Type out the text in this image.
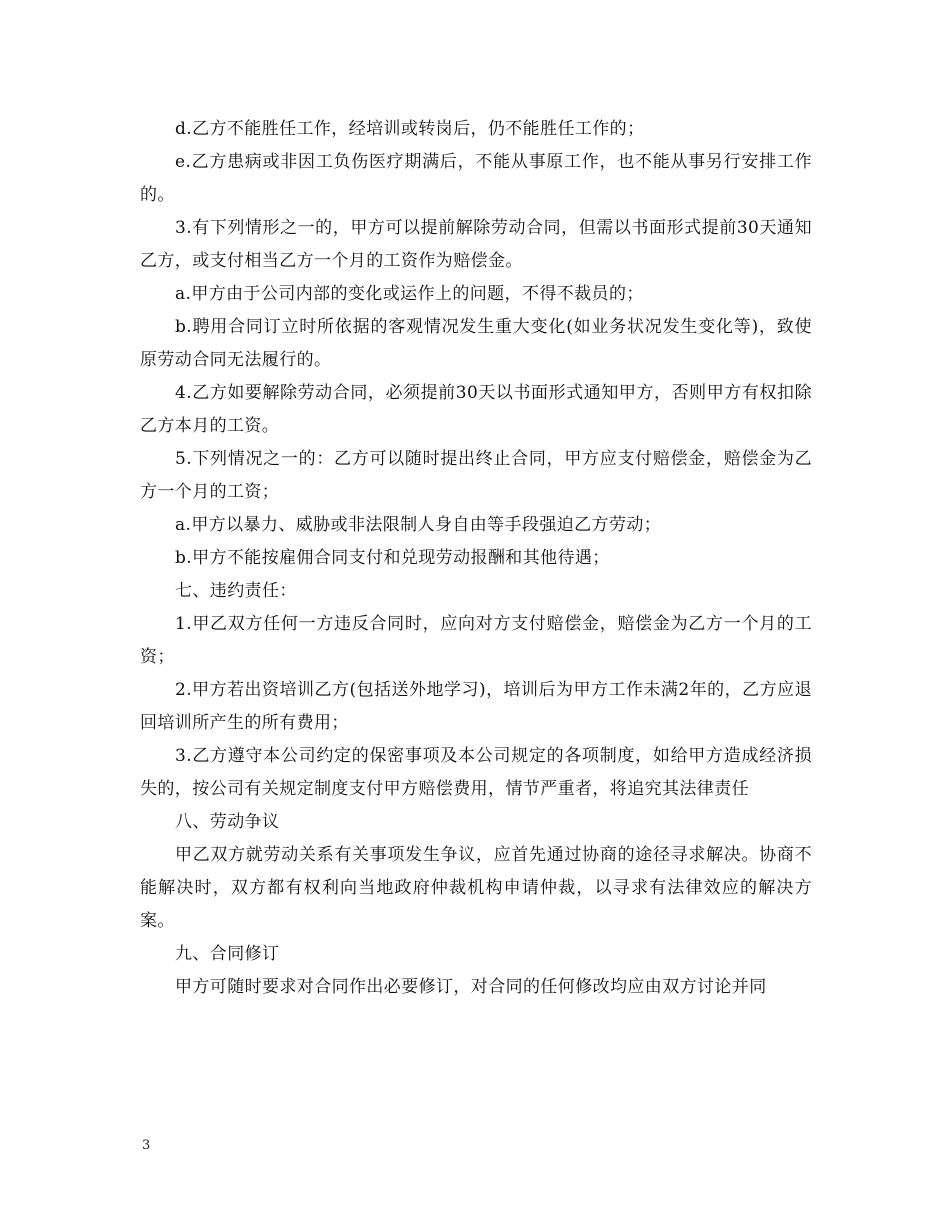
d.乙方不能胜任工作，经培训或转岗后，仍不能胜任工作的；

e.乙方患病或非因工负伤医疗期满后，不能从事原工作，也不能从事另行安排工作的。

3.有下列情形之一的，甲方可以提前解除劳动合同，但需以书面形式提前30天通知乙方，或支付相当乙方一个月的工资作为赔偿金。

a.甲方由于公司内部的变化或运作上的问题，不得不裁员的；

b.聘用合同订立时所依据的客观情况发生重大变化(如业务状况发生变化等)，致使原劳动合同无法履行的。

4.乙方如要解除劳动合同，必须提前30天以书面形式通知甲方，否则甲方有权扣除乙方本月的工资。

5.下列情况之一的：乙方可以随时提出终止合同，甲方应支付赔偿金，赔偿金为乙方一个月的工资；

a.甲方以暴力、威胁或非法限制人身自由等手段强迫乙方劳动；

b.甲方不能按雇佣合同支付和兑现劳动报酬和其他待遇；

七、违约责任：

1.甲乙双方任何一方违反合同时，应向对方支付赔偿金，赔偿金为乙方一个月的工资；

2.甲方若出资培训乙方(包括送外地学习)，培训后为甲方工作未满2年的，乙方应退回培训所产生的所有费用；

3.乙方遵守本公司约定的保密事项及本公司规定的各项制度，如给甲方造成经济损失的，按公司有关规定制度支付甲方赔偿费用，情节严重者，将追究其法律责任

八、劳动争议

甲乙双方就劳动关系有关事项发生争议，应首先通过协商的途径寻求解决。协商不能解决时，双方都有权利向当地政府仲裁机构申请仲裁，以寻求有法律效应的解决方案。

九、合同修订

甲方可随时要求对合同作出必要修订，对合同的任何修改均应由双方讨论并同

3
